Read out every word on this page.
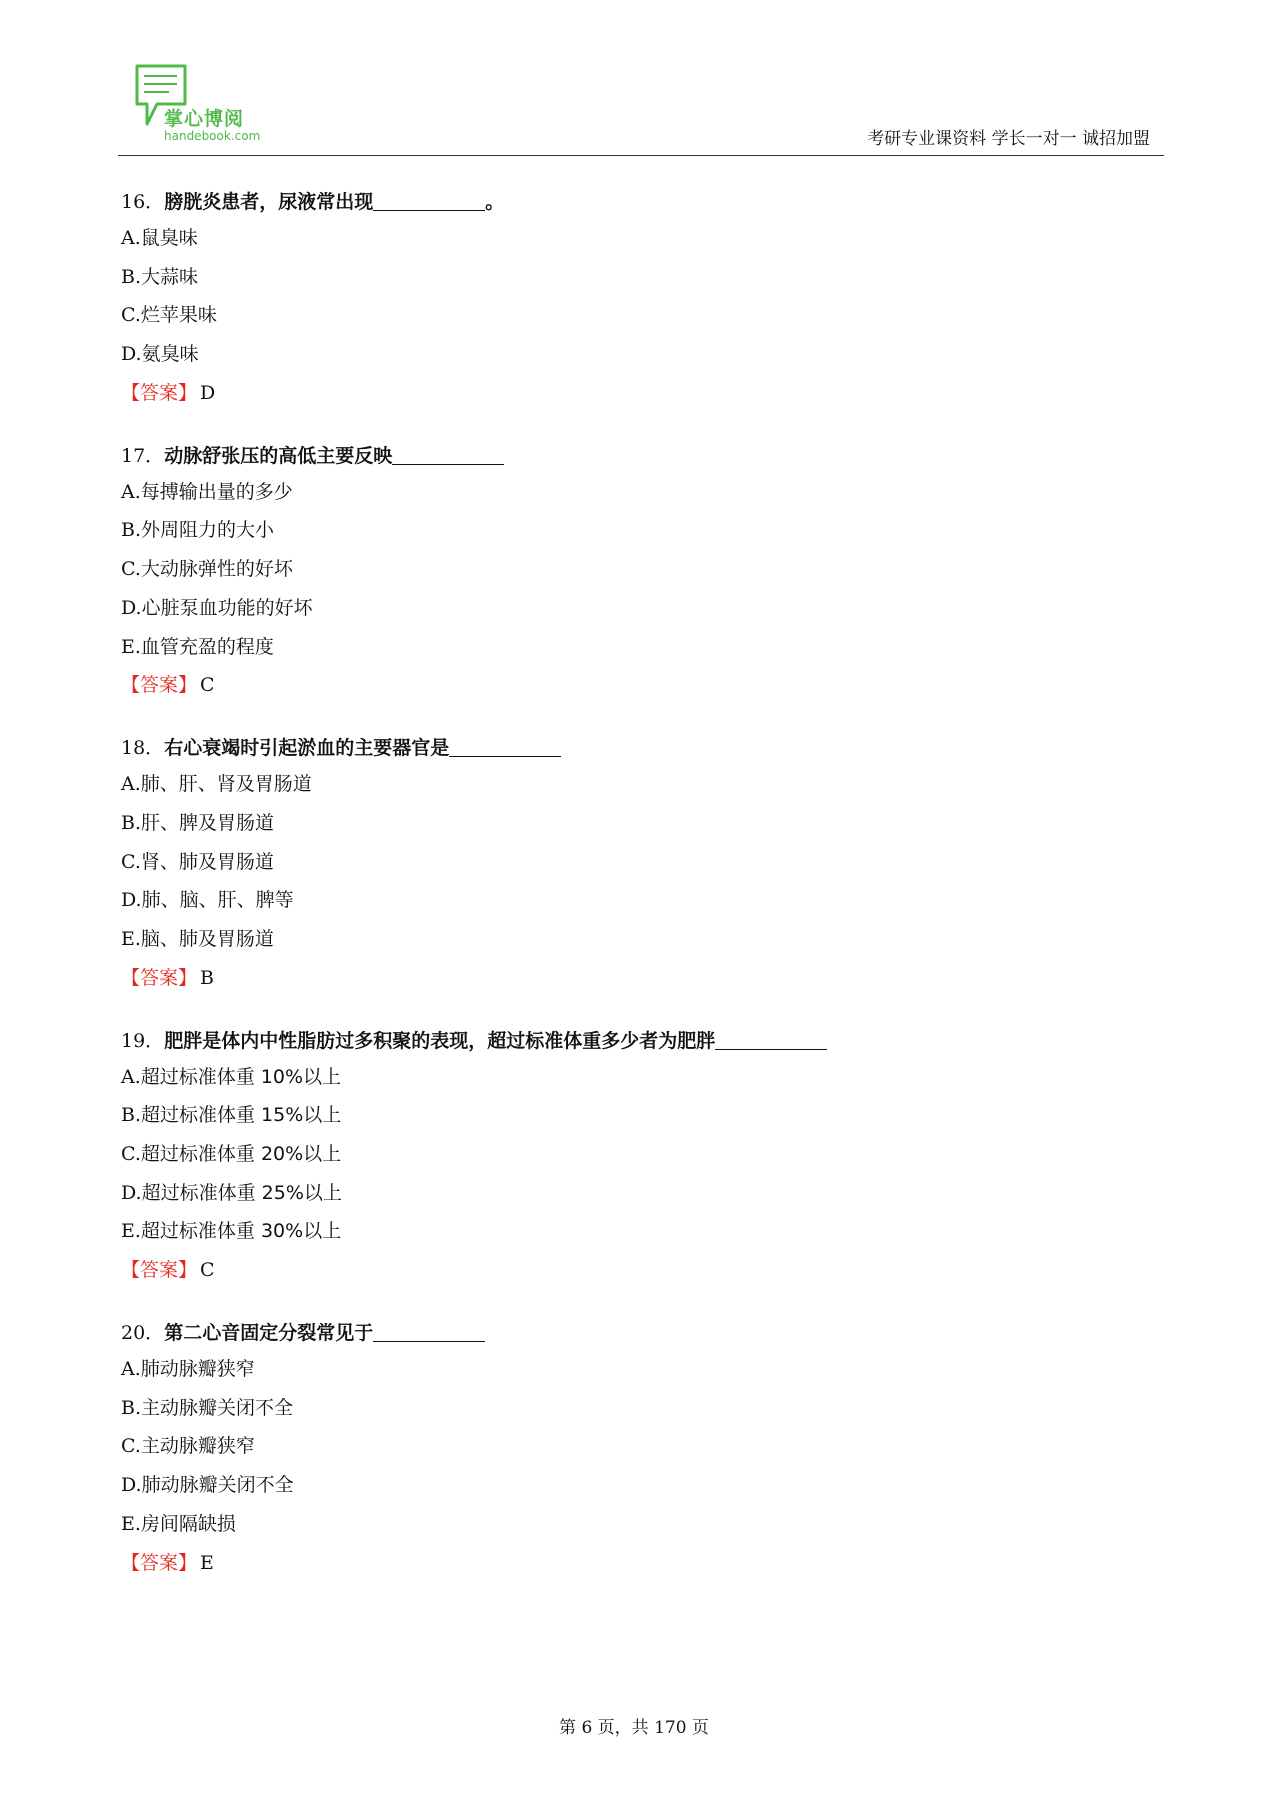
掌心博阅
handebook.com	考研专业课资料 学长一对一 诚招加盟
16．膀胱炎患者，尿液常出现	。
A.鼠臭味
B.大蒜味
C.烂苹果味
D.氨臭味
【答案】 D
17．动脉舒张压的高低主要反映
A.每搏输出量的多少
B.外周阻力的大小
C.大动脉弹性的好坏
D.心脏泵血功能的好坏
E.血管充盈的程度
【答案】 C
18．右心衰竭时引起淤血的主要器官是
A.肺、肝、肾及胃肠道
B.肝、脾及胃肠道
C.肾、肺及胃肠道
D.肺、脑、肝、脾等
E.脑、肺及胃肠道
【答案】 B
19．肥胖是体内中性脂肪过多积聚的表现，超过标准体重多少者为肥胖
A.超过标准体重 10%以上
B.超过标准体重 15%以上
C.超过标准体重 20%以上
D.超过标准体重 25%以上
E.超过标准体重 30%以上
【答案】 C
20．第二心音固定分裂常见于
A.肺动脉瓣狭窄
B.主动脉瓣关闭不全
C.主动脉瓣狭窄
D.肺动脉瓣关闭不全
E.房间隔缺损
【答案】 E
第 6 页，共 170 页
